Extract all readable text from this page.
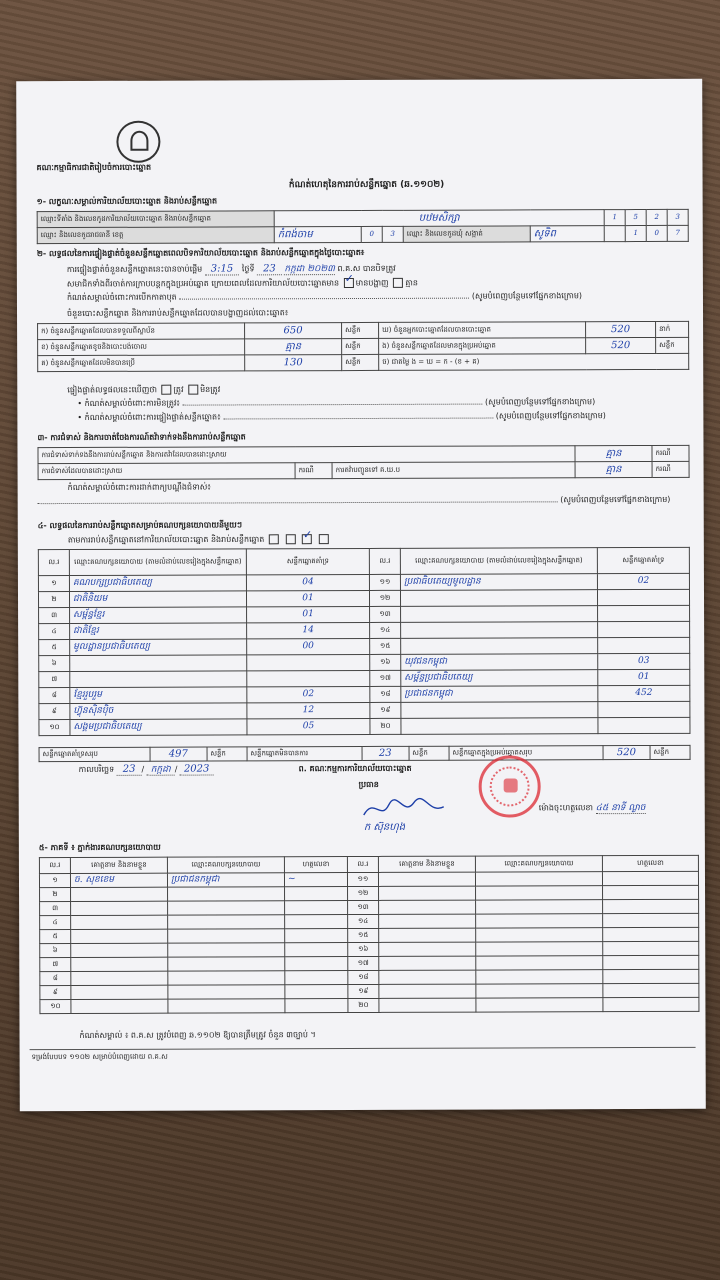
គណៈកម្មាធិការជាតិរៀបចំការបោះឆ្នោត
កំណត់ហេតុនៃការរាប់សន្លឹកឆ្នោត (ឆ.១១០២)
១- លក្ខណៈសម្គាល់ការិយាល័យបោះឆ្នោត និងរាប់សន្លឹកឆ្នោត
ឈ្មោះទីតាំង និងលេខកូដការិយាល័យបោះឆ្នោត និងរាប់សន្លឹកឆ្នោត	បឋមសិក្សា					1	5	2	3
ឈ្មោះ និងលេខកូដរាជធានី ខេត្ត	កំពង់ចាម	0	3	ឈ្មោះ និងលេខកូដឃុំ សង្កាត់	សូទិព		1	0	7
២- លទ្ធផលនៃការផ្ទៀងផ្ទាត់ចំនួនសន្លឹកឆ្នោតពេលបិទការិយាល័យបោះឆ្នោត និងរាប់សន្លឹកឆ្នោតក្នុងថ្ងៃបោះឆ្នោត៖
ការផ្ទៀងផ្ទាត់ចំនួនសន្លឹកឆ្នោតនេះបានចាប់ផ្តើម 3:15 ថ្ងៃទី 23 កក្កដា ២០២៣ ព.គ.ស បានបិទត្រូវ
សមាជិកទាំងពីរចាត់ការក្រាបបន្តកក្នុងប្រអប់ឆ្នោត ក្រោយពេលដែលការិយាល័យបោះឆ្នោតមាន ✓ មានបង្ហាញ គ្មាន
កំណត់សម្គាល់ចំពោះការបើកកាតាបុត	(សូមបំពេញបន្ថែមទៅផ្នែកខាងក្រោម)
ចំនួនបោះសន្លឹកឆ្នោត និងការរាប់សន្លឹកឆ្នោតដែលបានបង្ហាញដល់បោះឆ្នោត៖
ក) ចំនួនសន្លឹកឆ្នោតដែលបានទទួលពីស្ថាប័ន	650	សន្លឹក	ឃ) ចំនួនអ្នកបោះឆ្នោតដែលបានបោះឆ្នោត	520	នាក់
ខ) ចំនួនសន្លឹកឆ្នោតខូចនិងបោះបង់ចោល	គ្មាន	សន្លឹក	ង) ចំនួនសន្លឹកឆ្នោតដែលមានក្នុងប្រអប់ឆ្នោត	520	សន្លឹក
គ) ចំនួនសន្លឹកឆ្នោតដែលមិនបានប្រើ	130	សន្លឹក	ច) ជាតម្លៃ ង = ឃ = ក - (ខ + គ)		
ផ្ទៀងផ្ទាត់លទ្ធផលនេះឃើញថា ត្រូវ មិនត្រូវ
• កំណត់សម្គាល់ចំពោះការមិនត្រូវ៖	(សូមបំពេញបន្ថែមទៅផ្នែកខាងក្រោម)
• កំណត់សម្គាល់ចំពោះការផ្ទៀងផ្ទាត់សន្លឹកឆ្នោត៖	(សូមបំពេញបន្ថែមទៅផ្នែកខាងក្រោម)
៣- ការជំទាស់ និងការចាត់ចែងការណ៍តវ៉ាទាក់ទងនឹងការរាប់សន្លឹកឆ្នោត
ការជំទាស់ទាក់ទងនឹងការរាប់សន្លឹកឆ្នោត និងការតវ៉ាដែលបានដោះស្រាយ			គ្មាន	ករណី
ការជំទាស់ដែលបានដោះស្រាយ	ករណី	ការតវ៉ាបញ្ជូនទៅ គ.ឃ.ប	គ្មាន	ករណី
កំណត់សម្គាល់ចំពោះការដាក់ពាក្យបណ្តឹងជំទាស់៖
(សូមបំពេញបន្ថែមទៅផ្នែកខាងក្រោម)
៤- លទ្ធផលនៃការរាប់សន្លឹកឆ្នោតសម្រាប់គណបក្សនយោបាយនីមួយៗ
តាមការរាប់សន្លឹកឆ្នោតនៅការិយាល័យបោះឆ្នោត និងរាប់សន្លឹកឆ្នោត   ✓
ល.រ	ឈ្មោះគណបក្សនយោបាយ (តាមលំដាប់លេខរៀងក្នុងសន្លឹកឆ្នោត)	សន្លឹកឆ្នោតគាំទ្រ	ល.រ	ឈ្មោះគណបក្សនយោបាយ (តាមលំដាប់លេខរៀងក្នុងសន្លឹកឆ្នោត)	សន្លឹកឆ្នោតគាំទ្រ
១	គណបក្សប្រជាធិបតេយ្យ	04	១១	ប្រជាធិបតេយ្យមូលដ្ឋាន	02
២	ជាតិនិយម	01	១២		
៣	សម្ព័ន្ធខ្មែរ	01	១៣		
៤	ជាតិខ្មែរ	14	១៤		
៥	មូលដ្ឋានប្រជាធិបតេយ្យ	00	១៥		
៦			១៦	យុវជនកម្ពុជា	03
៧			១៧	សម្ព័ន្ធប្រជាធិបតេយ្យ	01
៨	ខ្មែររួបរួម	02	១៨	ប្រជាជនកម្ពុជា	452
៩	ហ៊្វុនស៊ិនប៉ិច	12	១៩		
១០	សង្គមប្រជាធិបតេយ្យ	05	២០		
សន្លឹកឆ្នោតគាំទ្រសរុប	497	សន្លឹក	សន្លឹកឆ្នោតមិនបានការ	23	សន្លឹក	សន្លឹកឆ្នោតក្នុងប្រអប់ឆ្នោតសរុប	520	សន្លឹក
កាលបរិច្ឆេទ 23 / កក្កដា / 2023	ព. គណៈកម្មការការិយាល័យបោះឆ្នោត
ប្រធាន
ក ស៊ុនហុង
ម៉ោងចុះហត្ថលេខា ៤៥ នាទី ល្ងាច
៥- ភាគទី ៖ ភ្នាក់ងារគណបក្សនយោបាយ
ល.រ	គោត្តនាម និងនាមខ្លួន	ឈ្មោះគណបក្សនយោបាយ	ហត្ថលេខា	ល.រ	គោត្តនាម និងនាមខ្លួន	ឈ្មោះគណបក្សនយោបាយ	ហត្ថលេខា
១	ច. សុខខេម	ប្រជាជនកម្ពុជា	~	១១			
២				១២			
៣				១៣			
៤				១៤			
៥				១៥			
៦				១៦			
៧				១៧			
៨				១៨			
៩				១៩			
១០				២០			
កំណត់សម្គាល់ ៖ ព.គ.ស ត្រូវបំពេញ ឆ.១១០២ ឱ្យបានត្រឹមត្រូវ ចំនួន ៣ច្បាប់ ។
ទម្រង់បែបបទ ១១០២ សម្រាប់បំពេញដោយ ព.គ.ស
